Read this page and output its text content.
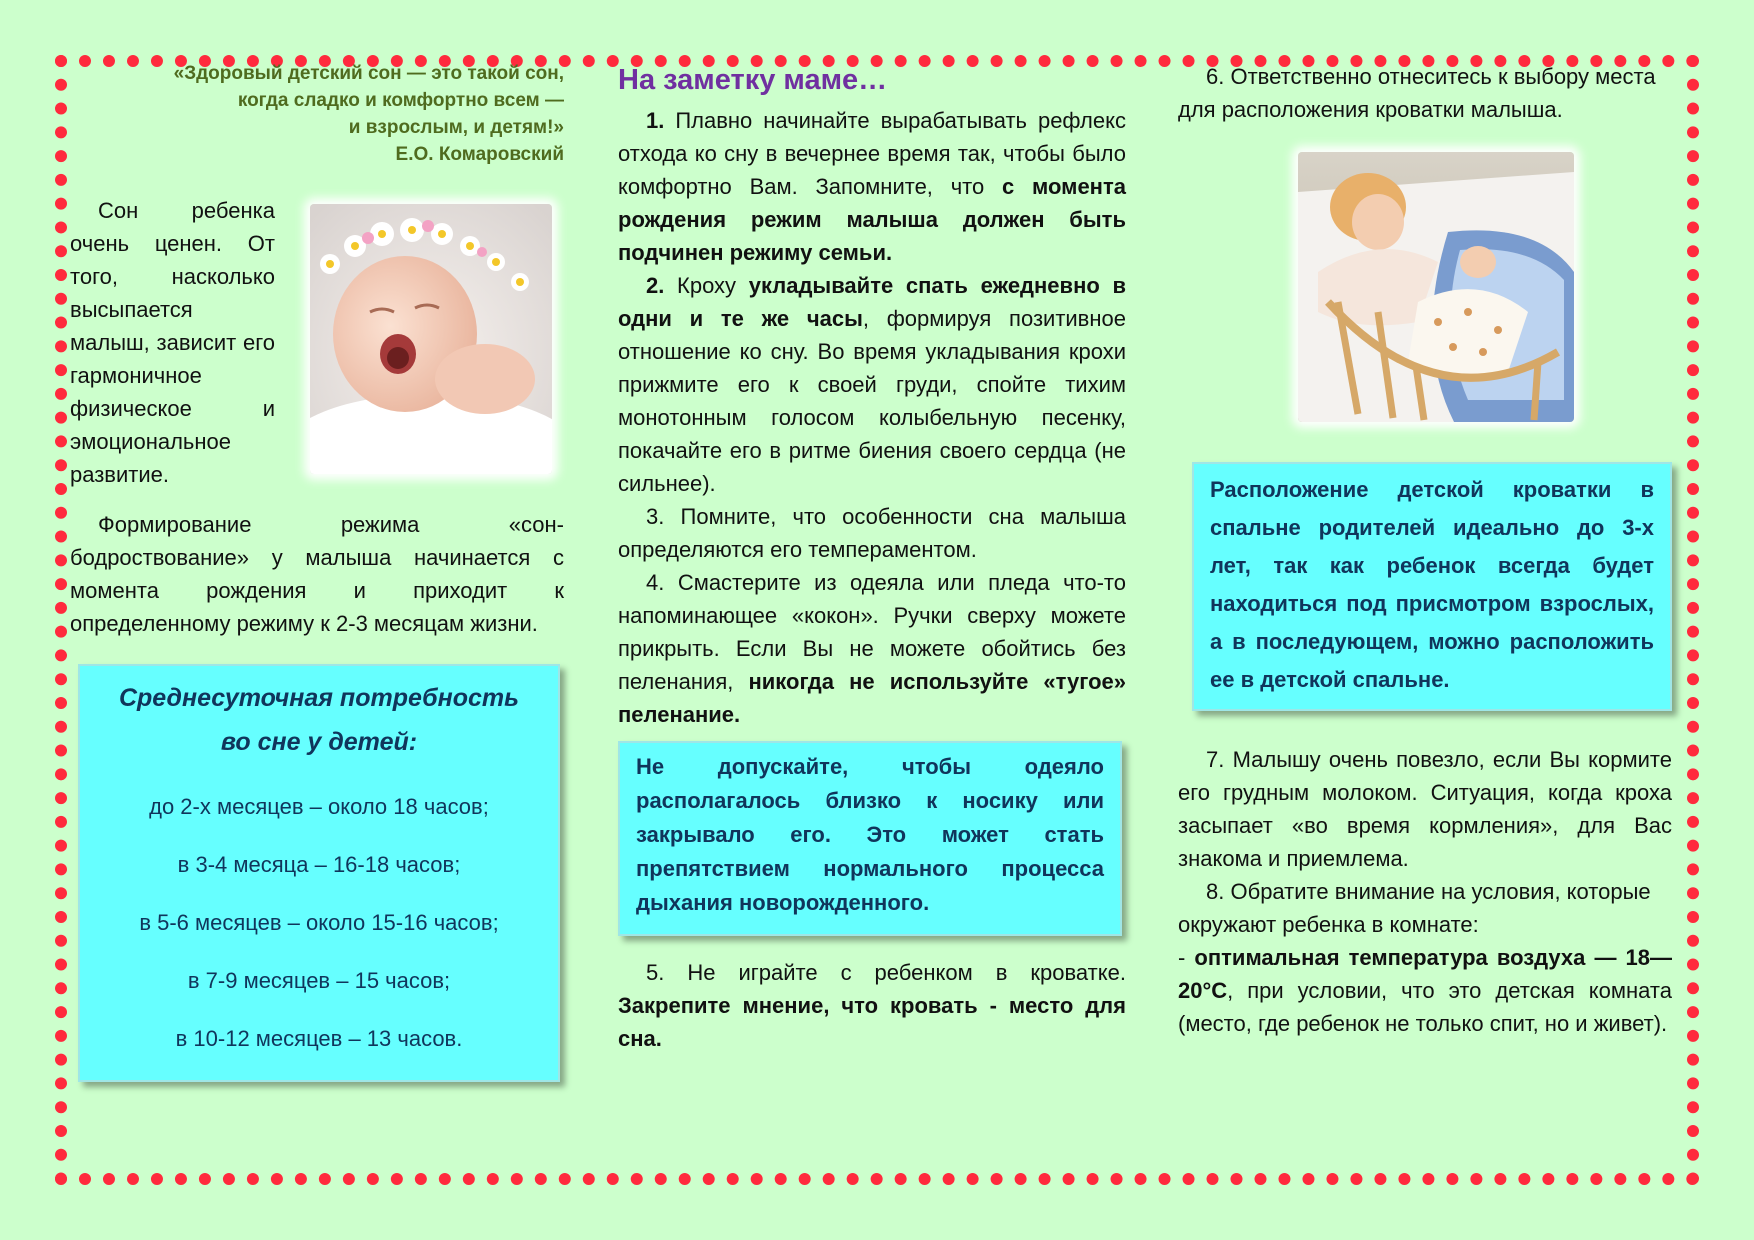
«Здоровый детский сон — это такой сон,

когда сладко и комфортно всем —

и взрослым, и детям!»

Е.О. Комаровский

Сон ребенка очень ценен. От того, насколько высыпается малыш, зависит его гармоничное физическое и эмоциональное развитие.

Формирование режима «сон-бодроствование» у малыша начинается с момента рождения и приходит к определенному режиму к 2-3 месяцам жизни.

Среднесуточная потребность

во сне у детей:

до 2-х месяцев – около 18 часов;

в 3-4 месяца – 16-18 часов;

в 5-6 месяцев – около 15-16 часов;

в 7-9 месяцев – 15 часов;

в 10-12 месяцев – 13 часов.

На заметку маме…

1. Плавно начинайте вырабатывать рефлекс отхода ко сну в вечернее время так, чтобы было комфортно Вам. Запомните, что с момента рождения режим малыша должен быть подчинен режиму семьи.

2. Кроху укладывайте спать ежедневно в одни и те же часы, формируя позитивное отношение ко сну. Во время укладывания крохи прижмите его к своей груди, спойте тихим монотонным голосом колыбельную песенку, покачайте его в ритме биения своего сердца (не сильнее).

3. Помните, что особенности сна малыша определяются его темпераментом.

4. Смастерите из одеяла или пледа что-то напоминающее «кокон». Ручки сверху можете прикрыть. Если Вы не можете обойтись без пеленания, никогда не используйте «тугое» пеленание.

Не допускайте, чтобы одеяло располагалось близко к носику или закрывало его. Это может стать препятствием нормального процесса дыхания новорожденного.

5. Не играйте с ребенком в кроватке. Закрепите мнение, что кровать - место для сна.

6. Ответственно отнеситесь к выбору места для расположения кроватки малыша.

Расположение детской кроватки в спальне родителей идеально до 3-х лет, так как ребенок всегда будет находиться под присмотром взрослых, а в последующем, можно расположить ее в детской спальне.

7. Малышу очень повезло, если Вы кормите его грудным молоком. Ситуация, когда кроха засыпает «во время кормления», для Вас знакома и приемлема.

8. Обратите внимание на условия, которые окружают ребенка в комнате:

- оптимальная температура воздуха — 18—20°С, при условии, что это детская комната (место, где ребенок не только спит, но и живет).
